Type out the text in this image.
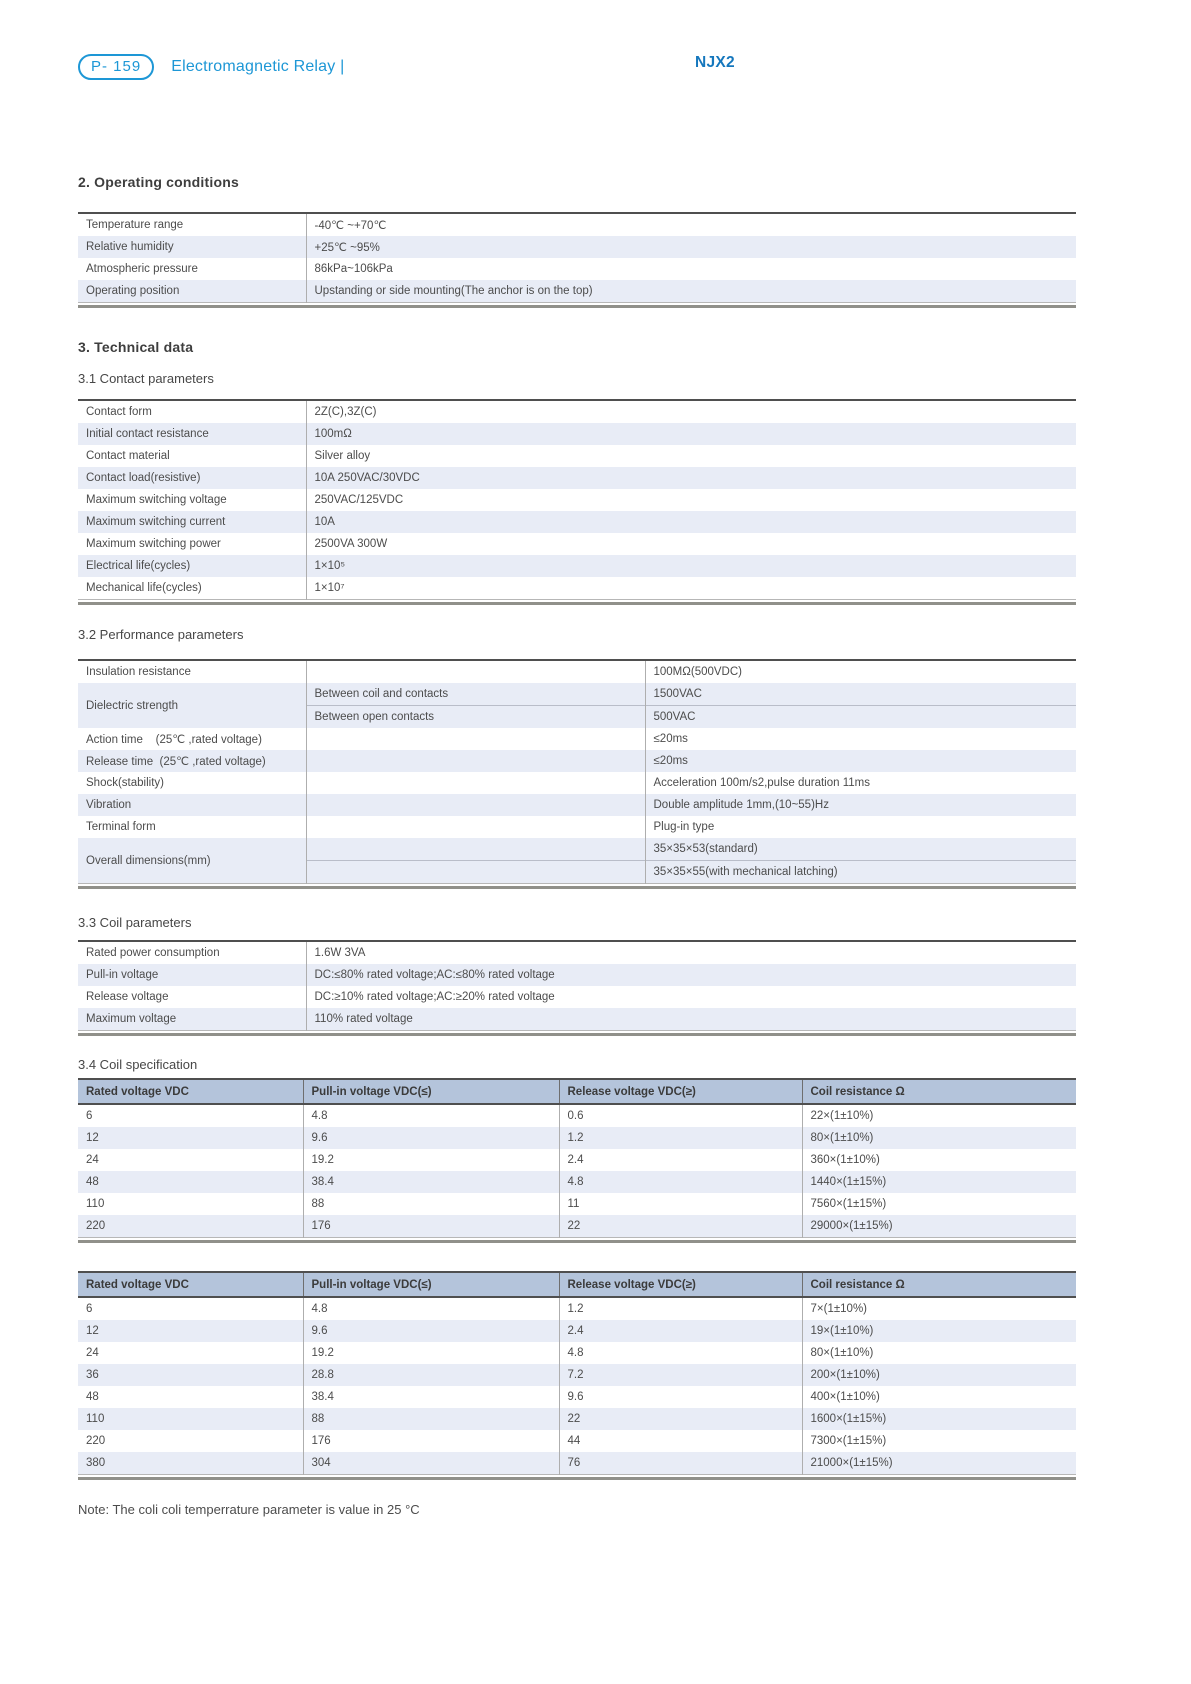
P- 159	Electromagnetic Relay |	NJX2
2. Operating conditions
Temperature range	-40℃ ~+70℃
Relative humidity	+25℃ ~95%
Atmospheric pressure	86kPa~106kPa
Operating position	Upstanding or side mounting(The anchor is on the top)
3. Technical data
3.1 Contact parameters
Contact form	2Z(C),3Z(C)
Initial contact resistance	100mΩ
Contact material	Silver alloy
Contact load(resistive)	10A 250VAC/30VDC
Maximum switching voltage	250VAC/125VDC
Maximum switching current	10A
Maximum switching power	2500VA 300W
Electrical life(cycles)	1×10⁵
Mechanical life(cycles)	1×10⁷
3.2 Performance parameters
Insulation resistance		100MΩ(500VDC)
Dielectric strength	Between coil and contacts	1500VAC
	Between open contacts	500VAC
Action time    (25℃ ,rated voltage)		≤20ms
Release time  (25℃ ,rated voltage)		≤20ms
Shock(stability)		Acceleration 100m/s2,pulse duration 11ms
Vibration		Double amplitude 1mm,(10~55)Hz
Terminal form		Plug-in type
Overall dimensions(mm)		35×35×53(standard)
		35×35×55(with mechanical latching)
3.3 Coil parameters
Rated power consumption	1.6W 3VA
Pull-in voltage	DC:≤80% rated voltage;AC:≤80% rated voltage
Release voltage	DC:≥10% rated voltage;AC:≥20% rated voltage
Maximum voltage	110% rated voltage
3.4 Coil specification
Rated voltage VDC	Pull-in voltage VDC(≤)	Release voltage VDC(≥)	Coil resistance Ω
6	4.8	0.6	22×(1±10%)
12	9.6	1.2	80×(1±10%)
24	19.2	2.4	360×(1±10%)
48	38.4	4.8	1440×(1±15%)
110	88	11	7560×(1±15%)
220	176	22	29000×(1±15%)
Rated voltage VDC	Pull-in voltage VDC(≤)	Release voltage VDC(≥)	Coil resistance Ω
6	4.8	1.2	7×(1±10%)
12	9.6	2.4	19×(1±10%)
24	19.2	4.8	80×(1±10%)
36	28.8	7.2	200×(1±10%)
48	38.4	9.6	400×(1±10%)
110	88	22	1600×(1±15%)
220	176	44	7300×(1±15%)
380	304	76	21000×(1±15%)
Note: The coli coli temperrature parameter is value in 25 °C
